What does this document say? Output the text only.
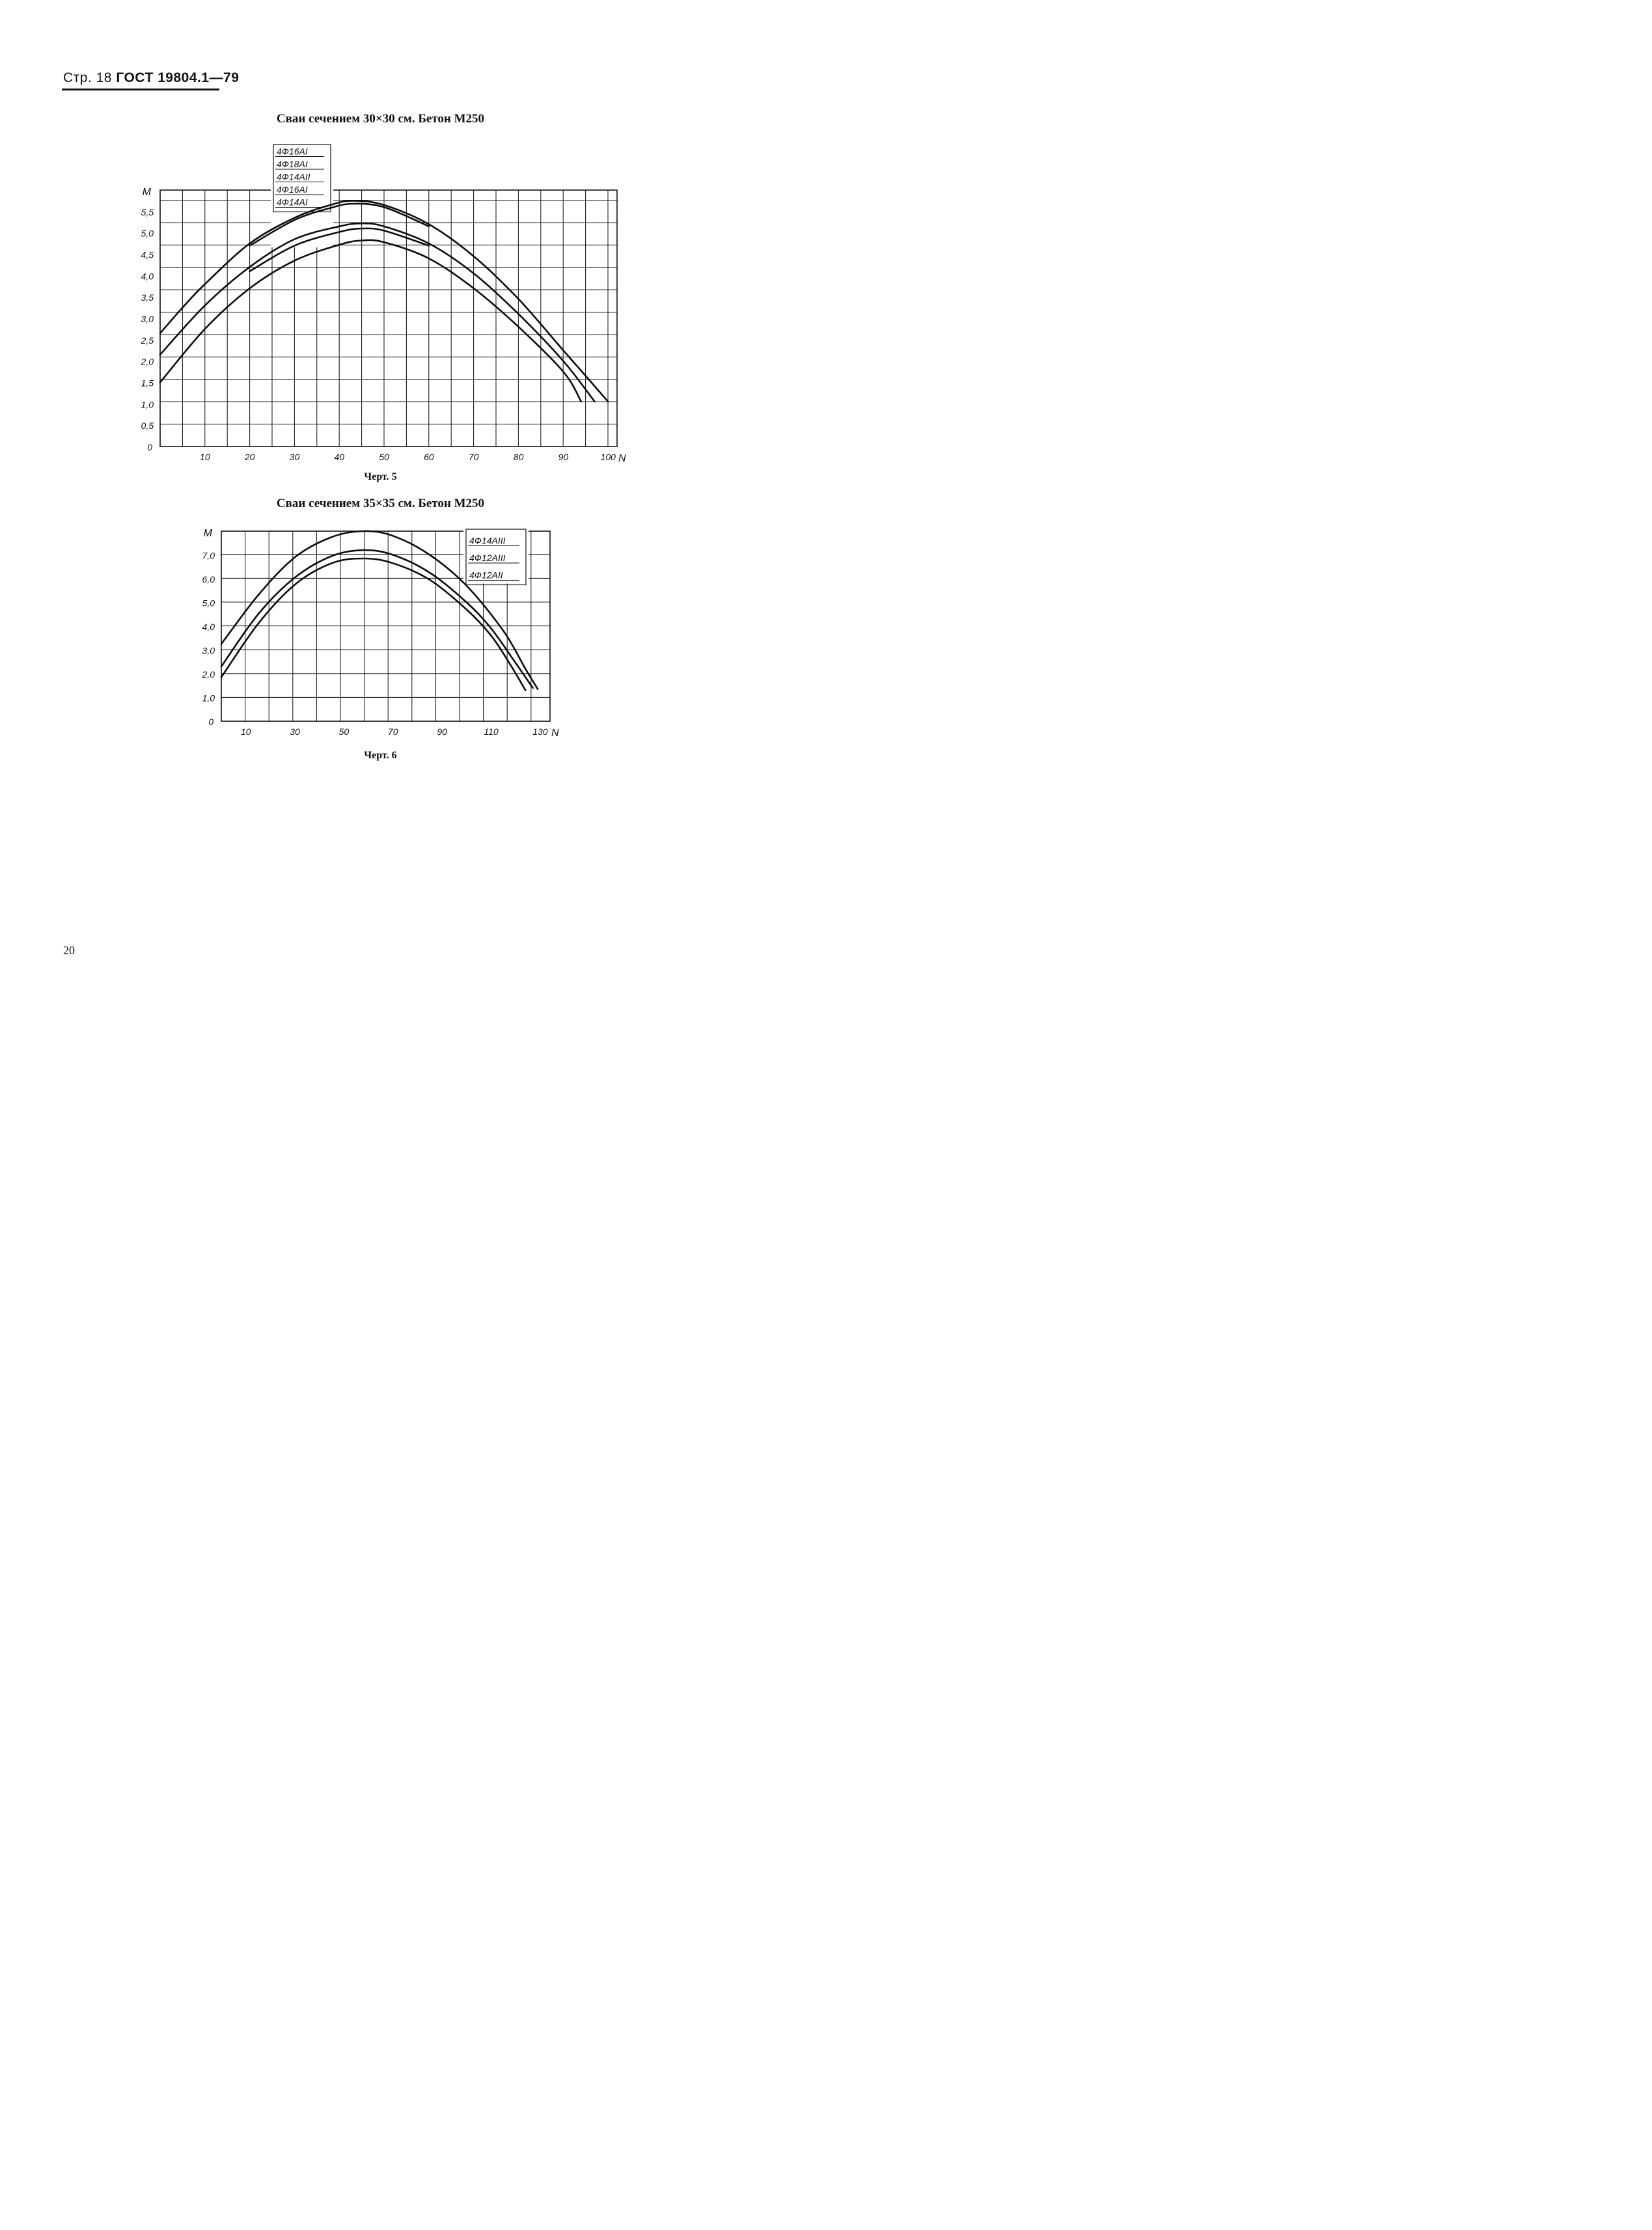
Стр. 18 ГОСТ 19804.1—79
Сваи сечением 30×30 см. Бетон М250
Черт. 5
Сваи сечением 35×35 см. Бетон М250
Черт. 6
20
4Ф16АI
4Ф18АI
4Ф14АII
4Ф16АI
4Ф14АI
0,5
1,0
1,5
2,0
2,5
3,0
3,5
4,0
4,5
5,0
5,5
0
M
10	20	30	40	50	60	70	80	90	100 N
4Ф14АIII
4Ф12АIII
4Ф12АII
1,0
2,0
3,0
4,0
5,0
6,0
7,0
0
M
10	30	50	70	90	110	130 N
